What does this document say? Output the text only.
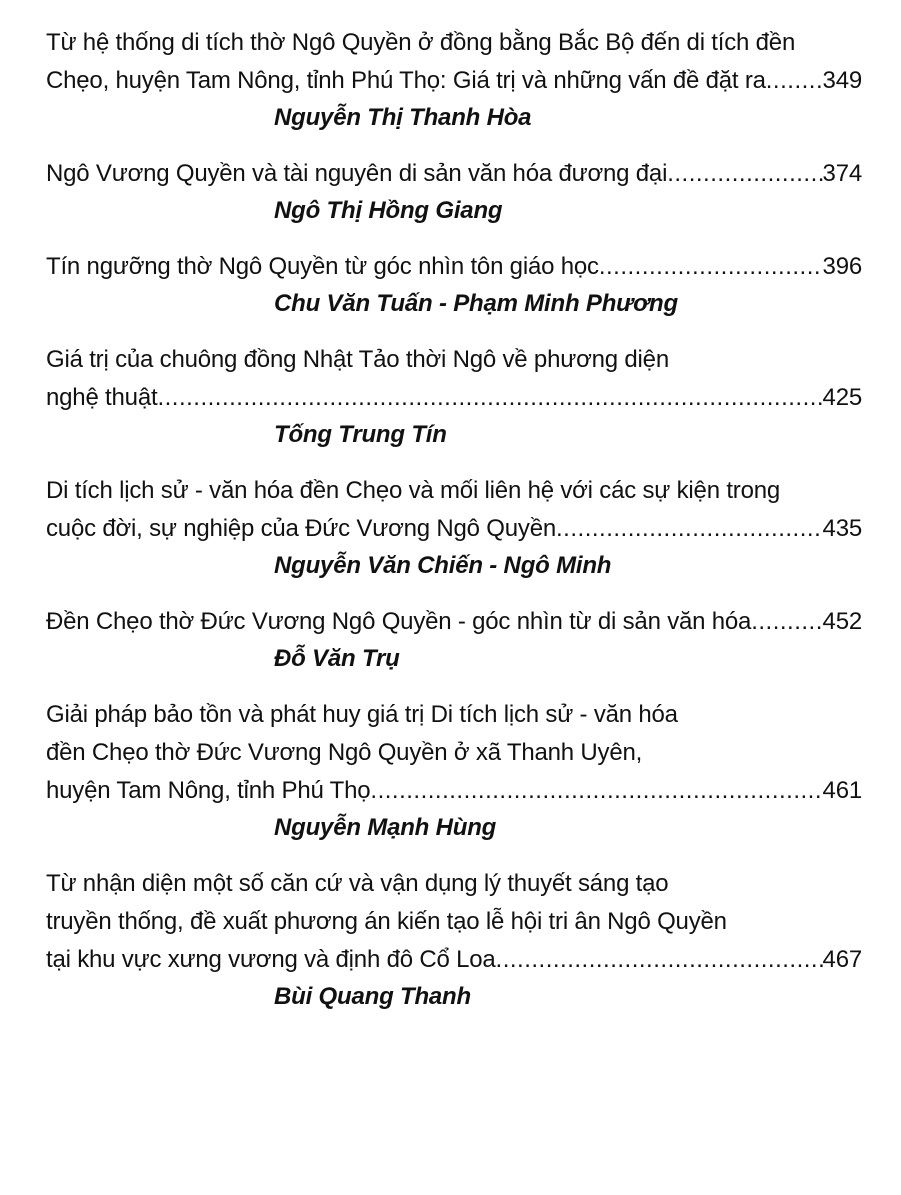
Từ hệ thống di tích thờ Ngô Quyền ở đồng bằng Bắc Bộ đến di tích đền
Chẹo, huyện Tam Nông, tỉnh Phú Thọ: Giá trị và những vấn đề đặt ra ..... 349
Nguyễn Thị Thanh Hòa
Ngô Vương Quyền và tài nguyên di sản văn hóa đương đại .....	374
Ngô Thị Hồng Giang
Tín ngưỡng thờ Ngô Quyền từ góc nhìn tôn giáo học .....	396
Chu Văn Tuấn - Phạm Minh Phương
Giá trị của chuông đồng Nhật Tảo thời Ngô về phương diện
nghệ thuật .....	425
Tống Trung Tín
Di tích lịch sử - văn hóa đền Chẹo và mối liên hệ với các sự kiện trong
cuộc đời, sự nghiệp của Đức Vương Ngô Quyền .....	435
Nguyễn Văn Chiến - Ngô Minh
Đền Chẹo thờ Đức Vương Ngô Quyền - góc nhìn từ di sản văn hóa .....	452
Đỗ Văn Trụ
Giải pháp bảo tồn và phát huy giá trị Di tích lịch sử - văn hóa
đền Chẹo thờ Đức Vương Ngô Quyền ở xã Thanh Uyên,
huyện Tam Nông, tỉnh Phú Thọ .....	461
Nguyễn Mạnh Hùng
Từ nhận diện một số căn cứ và vận dụng lý thuyết sáng tạo
truyền thống, đề xuất phương án kiến tạo lễ hội tri ân Ngô Quyền
tại khu vực xưng vương và định đô Cổ Loa .....	467
Bùi Quang Thanh
